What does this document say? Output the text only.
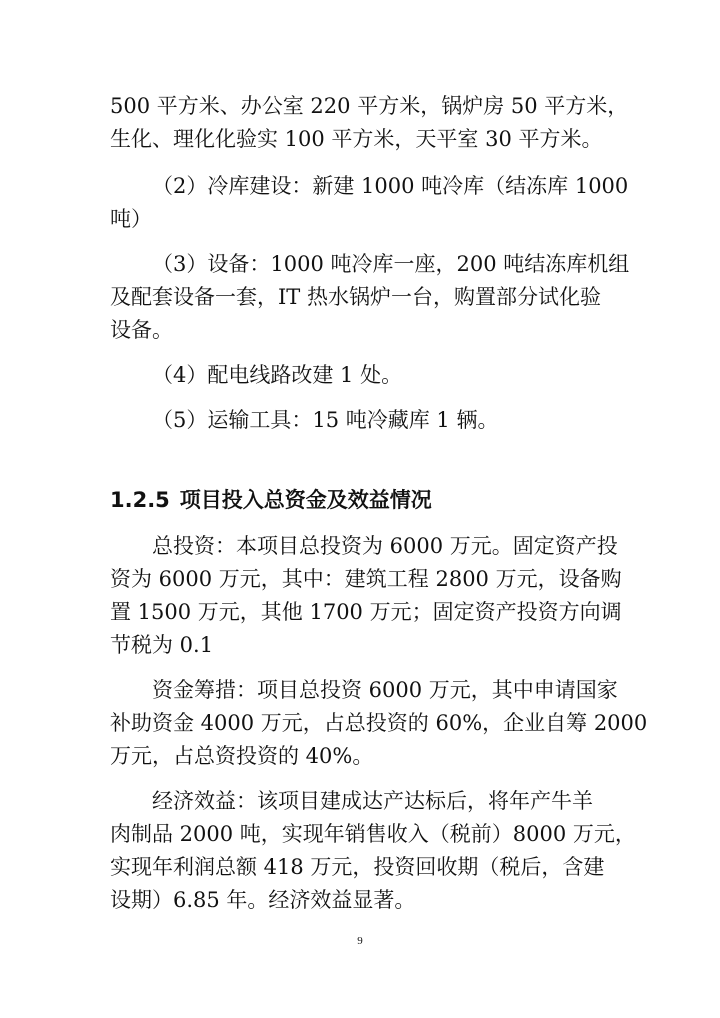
500 平方米、办公室 220 平方米，锅炉房 50 平方米，
生化、理化化验实 100 平方米，天平室 30 平方米。
（2）冷库建设：新建 1000 吨冷库（结冻库 1000
吨）
（3）设备：1000 吨冷库一座，200 吨结冻库机组
及配套设备一套，IT 热水锅炉一台，购置部分试化验
设备。
（4）配电线路改建 1 处。
（5）运输工具：15 吨冷藏库 1 辆。
1.2.5 项目投入总资金及效益情况
总投资：本项目总投资为 6000 万元。固定资产投
资为 6000 万元，其中：建筑工程 2800 万元，设备购
置 1500 万元，其他 1700 万元；固定资产投资方向调
节税为 0.1
资金筹措：项目总投资 6000 万元，其中申请国家
补助资金 4000 万元，占总投资的 60%，企业自筹 2000
万元，占总资投资的 40%。
经济效益：该项目建成达产达标后，将年产牛羊
肉制品 2000 吨，实现年销售收入（税前）8000 万元，
实现年利润总额 418 万元，投资回收期（税后，含建
设期）6.85 年。经济效益显著。
9
